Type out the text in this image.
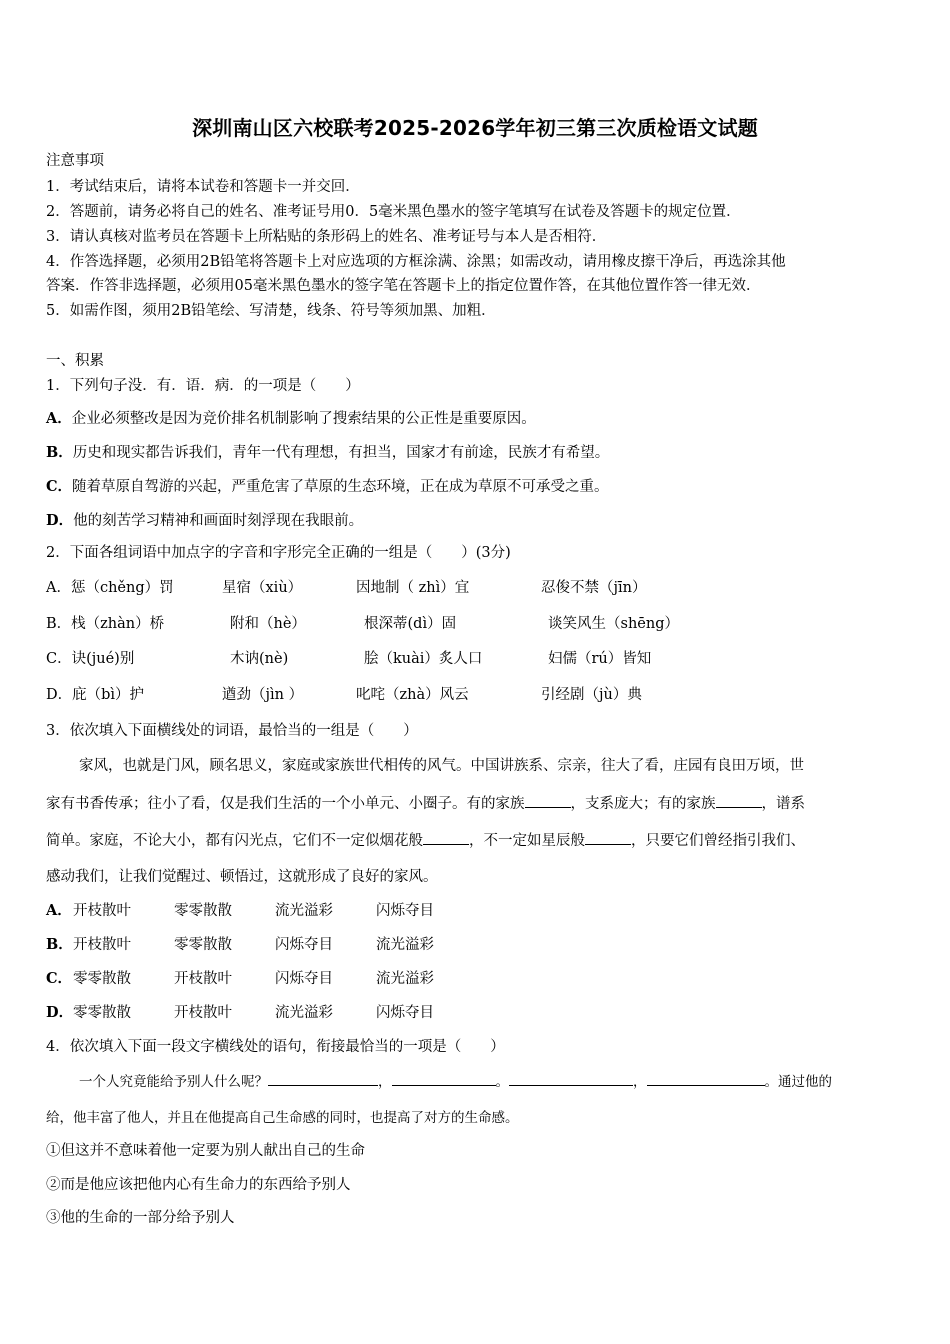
深圳南山区六校联考2025-2026学年初三第三次质检语文试题
注意事项
1．考试结束后，请将本试卷和答题卡一并交回．
2．答题前，请务必将自己的姓名、准考证号用0．5毫米黑色墨水的签字笔填写在试卷及答题卡的规定位置．
3．请认真核对监考员在答题卡上所粘贴的条形码上的姓名、准考证号与本人是否相符．
4．作答选择题，必须用2B铅笔将答题卡上对应选项的方框涂满、涂黑；如需改动，请用橡皮擦干净后，再选涂其他
答案．作答非选择题，必须用05毫米黑色墨水的签字笔在答题卡上的指定位置作答，在其他位置作答一律无效．
5．如需作图，须用2B铅笔绘、写清楚，线条、符号等须加黑、加粗．
一、积累
1．下列句子没．有．语．病．的一项是（　　）
A．企业必须整改是因为竞价排名机制影响了搜索结果的公正性是重要原因。
B．历史和现实都告诉我们，青年一代有理想，有担当，国家才有前途，民族才有希望。
C．随着草原自驾游的兴起，严重危害了草原的生态环境，正在成为草原不可承受之重。
D．他的刻苦学习精神和画面时刻浮现在我眼前。
2．下面各组词语中加点字的字音和字形完全正确的一组是（　　）(3分)
A．惩（chěng）罚	星宿（xiù）	因地制（ zhì）宜	忍俊不禁（jīn）
B．栈（zhàn）桥	附和（hè）	根深蒂(dì）固	谈笑风生（shēng）
C．诀(jué)别	木讷(nè)	脍（kuài）炙人口	妇儒（rú）皆知
D．庇（bì）护	遒劲（jìn ）	叱咤（zhà）风云	引经剧（jù）典
3．依次填入下面横线处的词语，最恰当的一组是（　　）
家风，也就是门风，顾名思义，家庭或家族世代相传的风气。中国讲族系、宗亲，往大了看，庄园有良田万顷，世
家有书香传承；往小了看，仅是我们生活的一个小单元、小圈子。有的家族	，支系庞大；有的家族	，谱系
简单。家庭，不论大小，都有闪光点，它们不一定似烟花般	，不一定如星辰般	，只要它们曾经指引我们、
感动我们，让我们觉醒过、顿悟过，这就形成了良好的家风。
A． 开枝散叶	零零散散	流光溢彩	闪烁夺目
B． 开枝散叶	零零散散	闪烁夺目	流光溢彩
C． 零零散散	开枝散叶	闪烁夺目	流光溢彩
D． 零零散散	开枝散叶	流光溢彩	闪烁夺目
4．依次填入下面一段文字横线处的语句，衔接最恰当的一项是（　　）
一个人究竟能给予别人什么呢？	，	。	，	。通过他的
给，他丰富了他人，并且在他提高自己生命感的同时，也提高了对方的生命感。
①但这并不意味着他一定要为别人献出自己的生命
②而是他应该把他内心有生命力的东西给予别人
③他的生命的一部分给予别人
